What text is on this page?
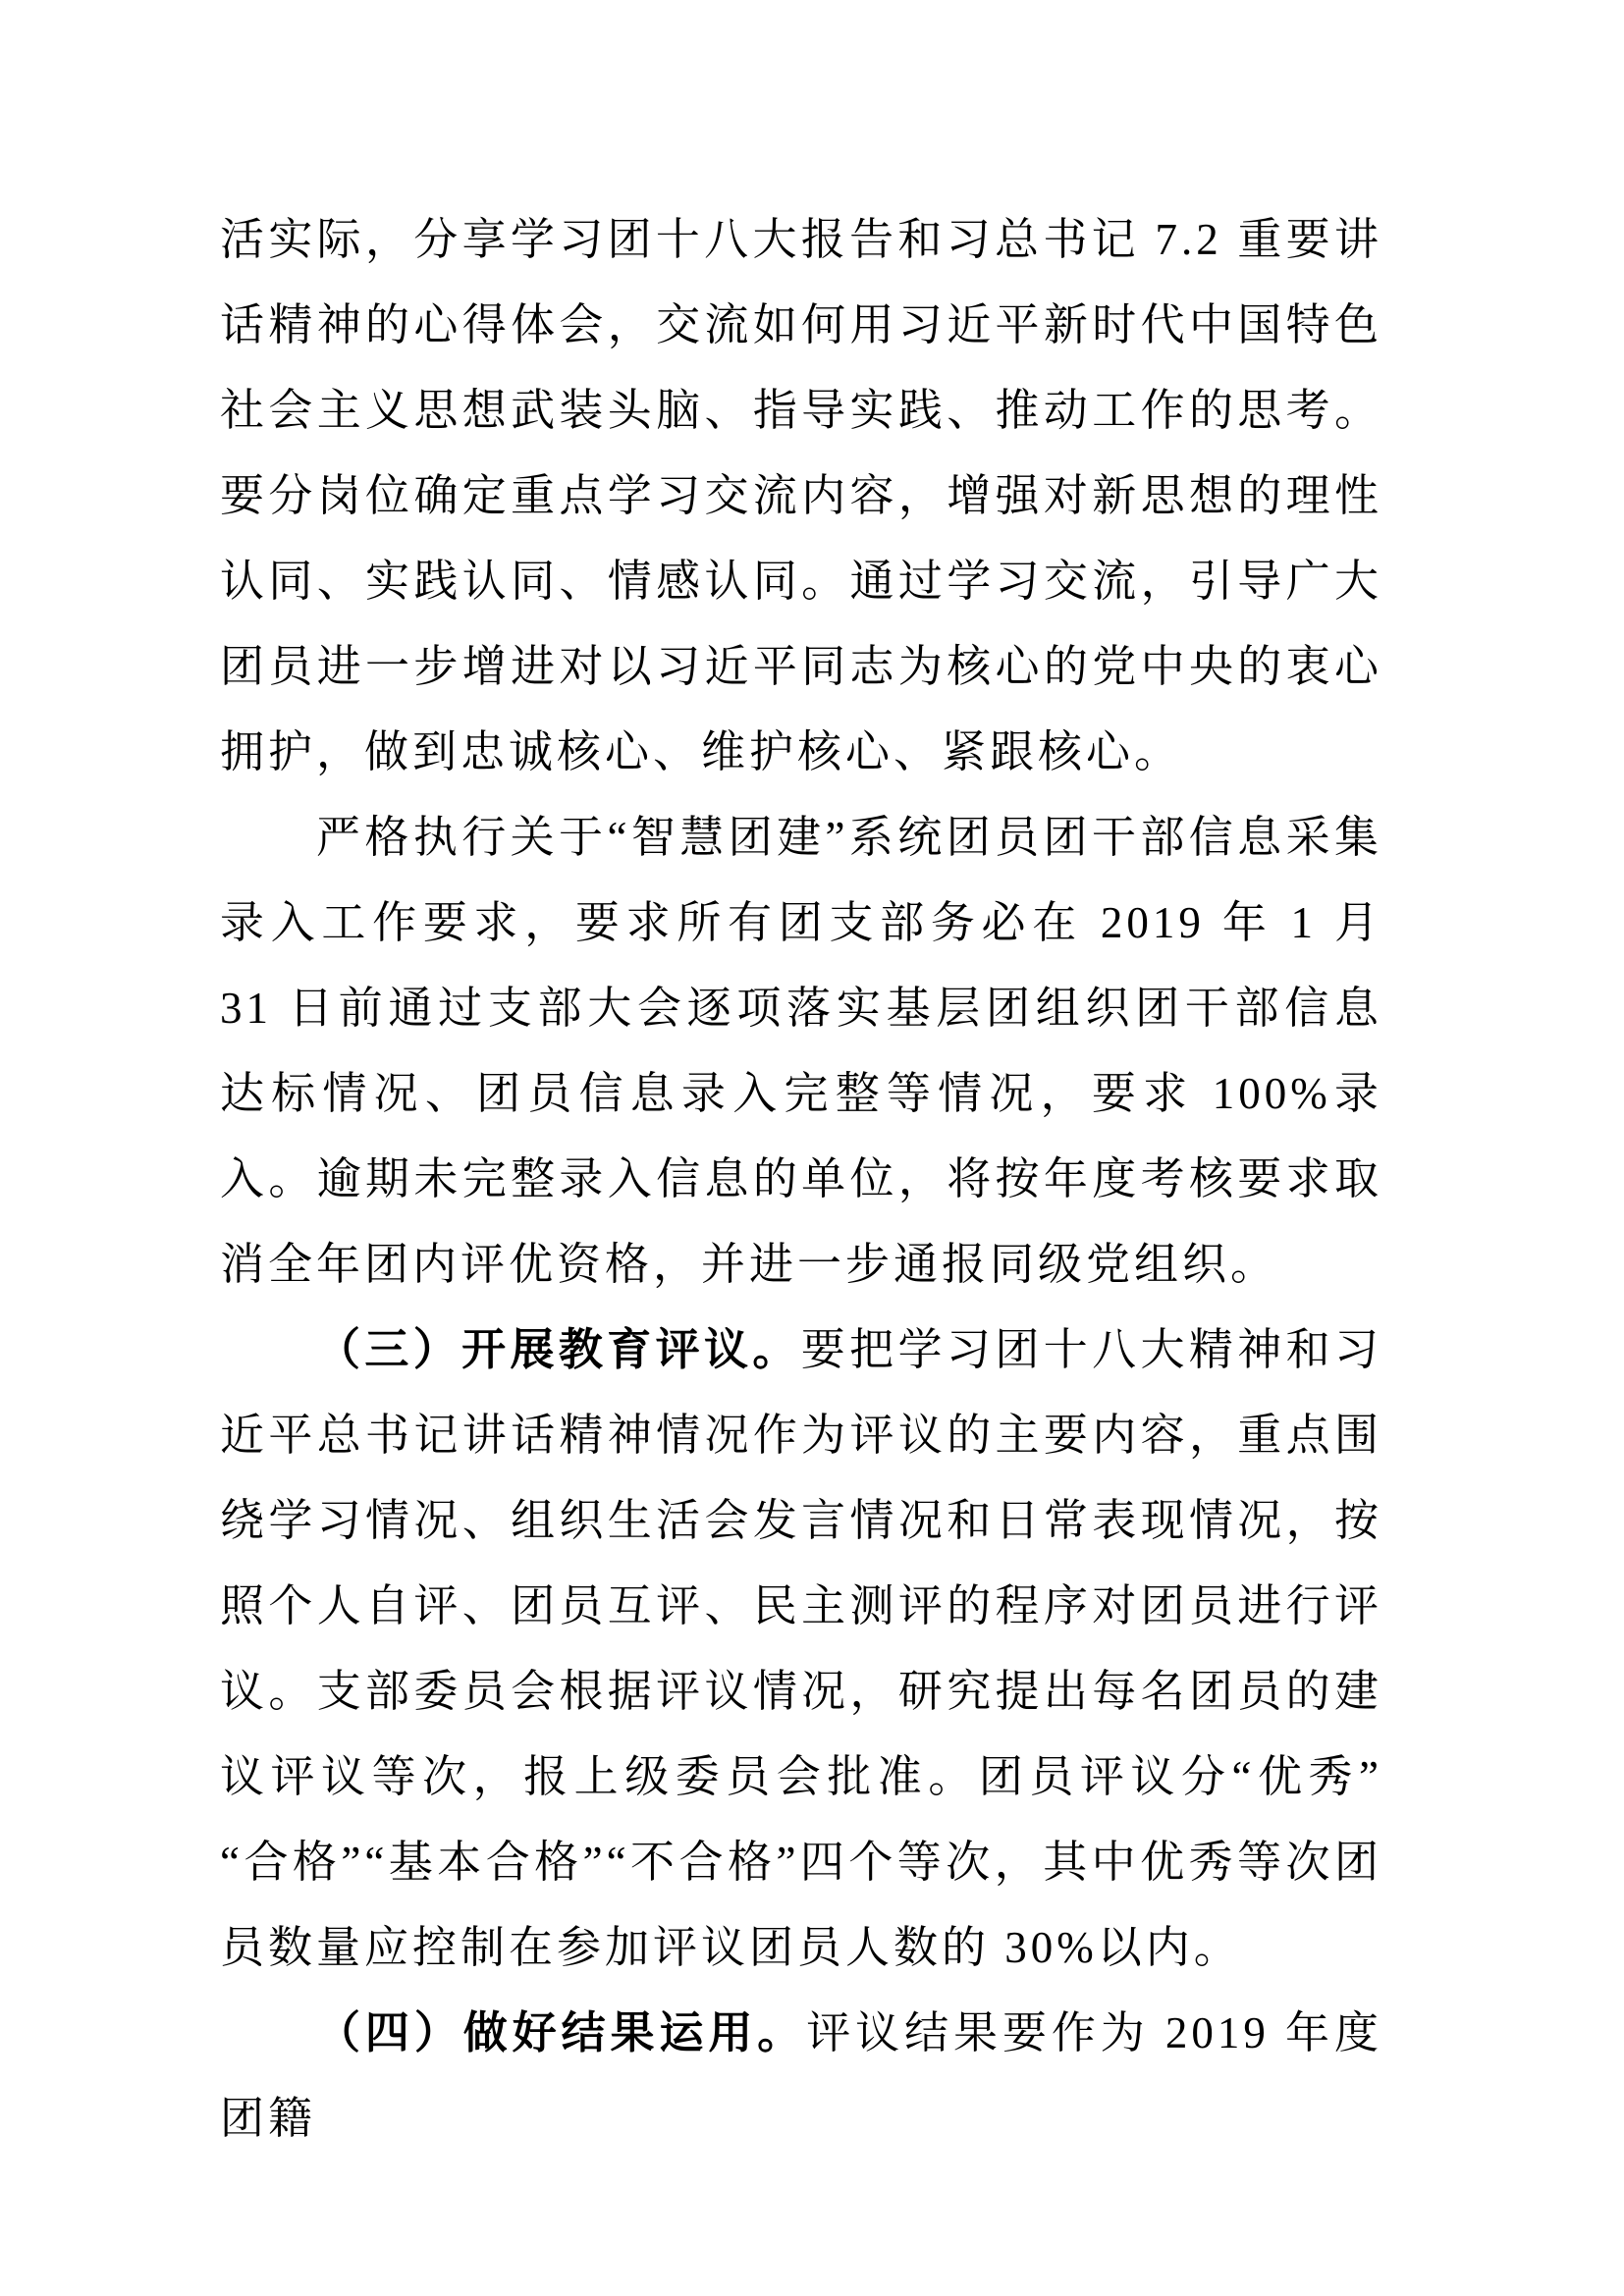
活实际，分享学习团十八大报告和习总书记 7.2 重要讲话精神的心得体会，交流如何用习近平新时代中国特色社会主义思想武装头脑、指导实践、推动工作的思考。要分岗位确定重点学习交流内容，增强对新思想的理性认同、实践认同、情感认同。通过学习交流，引导广大团员进一步增进对以习近平同志为核心的党中央的衷心拥护，做到忠诚核心、维护核心、紧跟核心。

严格执行关于“智慧团建”系统团员团干部信息采集录入工作要求，要求所有团支部务必在 2019 年 1 月 31 日前通过支部大会逐项落实基层团组织团干部信息达标情况、团员信息录入完整等情况，要求 100%录入。逾期未完整录入信息的单位，将按年度考核要求取消全年团内评优资格，并进一步通报同级党组织。

（三）开展教育评议。要把学习团十八大精神和习近平总书记讲话精神情况作为评议的主要内容，重点围绕学习情况、组织生活会发言情况和日常表现情况，按照个人自评、团员互评、民主测评的程序对团员进行评议。支部委员会根据评议情况，研究提出每名团员的建议评议等次，报上级委员会批准。团员评议分“优秀”“合格”“基本合格”“不合格”四个等次，其中优秀等次团员数量应控制在参加评议团员人数的 30%以内。

（四）做好结果运用。评议结果要作为 2019 年度团籍
